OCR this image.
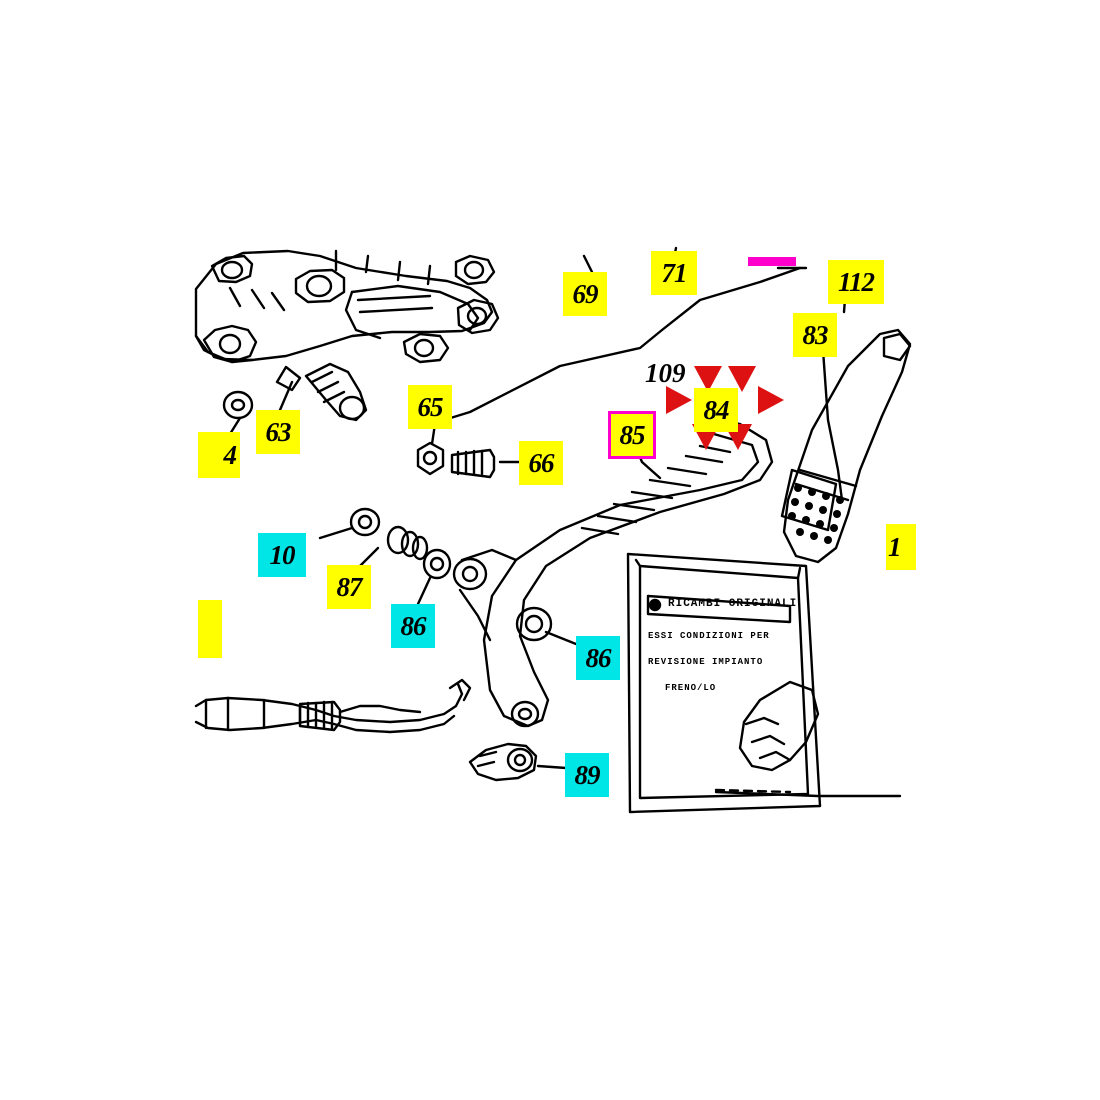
69
71	112
83
63
4
65
66
85
84
109
10
87
86
86
89
1
RICAMBI ORIGINALI
ESSI CONDIZIONI PER
REVISIONE IMPIANTO
FRENO/LO
